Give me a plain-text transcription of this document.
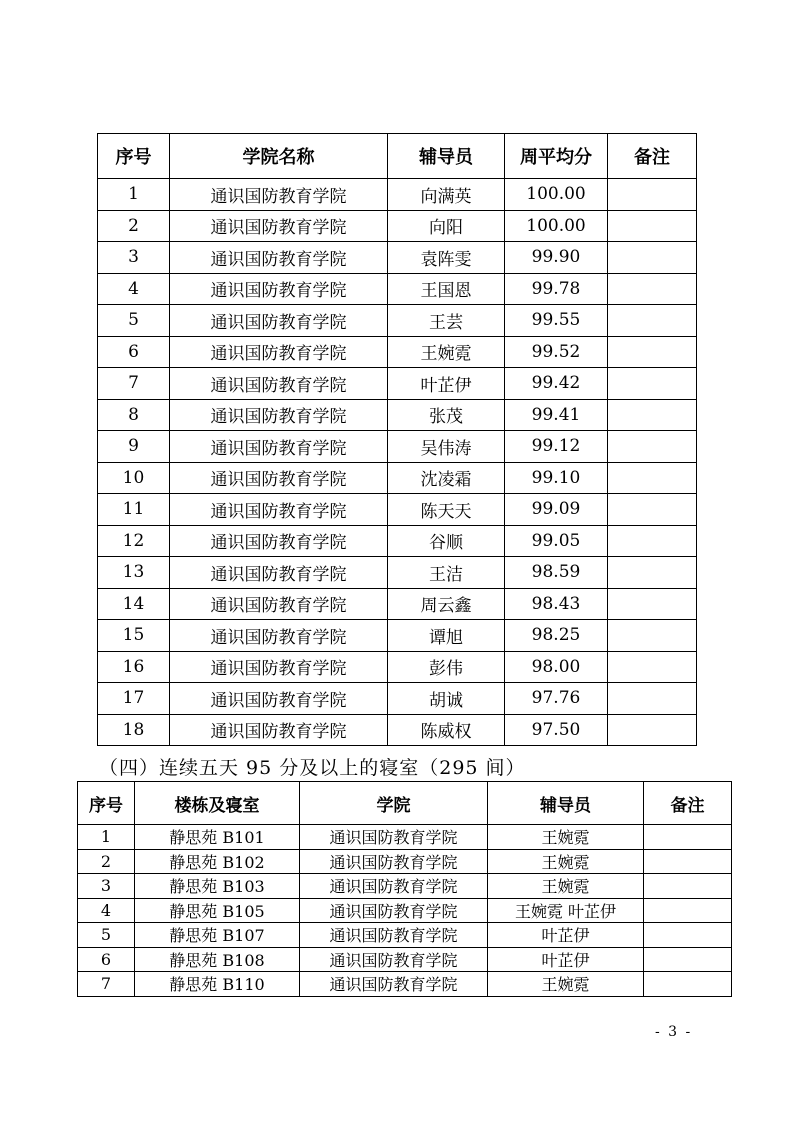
序号	学院名称	辅导员	周平均分	备注
1	通识国防教育学院	向满英	100.00	
2	通识国防教育学院	向阳	100.00	
3	通识国防教育学院	袁阵雯	99.90	
4	通识国防教育学院	王国恩	99.78	
5	通识国防教育学院	王芸	99.55	
6	通识国防教育学院	王婉霓	99.52	
7	通识国防教育学院	叶芷伊	99.42	
8	通识国防教育学院	张茂	99.41	
9	通识国防教育学院	吴伟涛	99.12	
10	通识国防教育学院	沈凌霜	99.10	
11	通识国防教育学院	陈天天	99.09	
12	通识国防教育学院	谷顺	99.05	
13	通识国防教育学院	王洁	98.59	
14	通识国防教育学院	周云鑫	98.43	
15	通识国防教育学院	谭旭	98.25	
16	通识国防教育学院	彭伟	98.00	
17	通识国防教育学院	胡诚	97.76	
18	通识国防教育学院	陈威权	97.50	
（四）连续五天 95 分及以上的寝室（295 间）
序号	楼栋及寝室	学院	辅导员	备注
1	静思苑 B101	通识国防教育学院	王婉霓	
2	静思苑 B102	通识国防教育学院	王婉霓	
3	静思苑 B103	通识国防教育学院	王婉霓	
4	静思苑 B105	通识国防教育学院	王婉霓 叶芷伊	
5	静思苑 B107	通识国防教育学院	叶芷伊	
6	静思苑 B108	通识国防教育学院	叶芷伊	
7	静思苑 B110	通识国防教育学院	王婉霓	
- 3 -
